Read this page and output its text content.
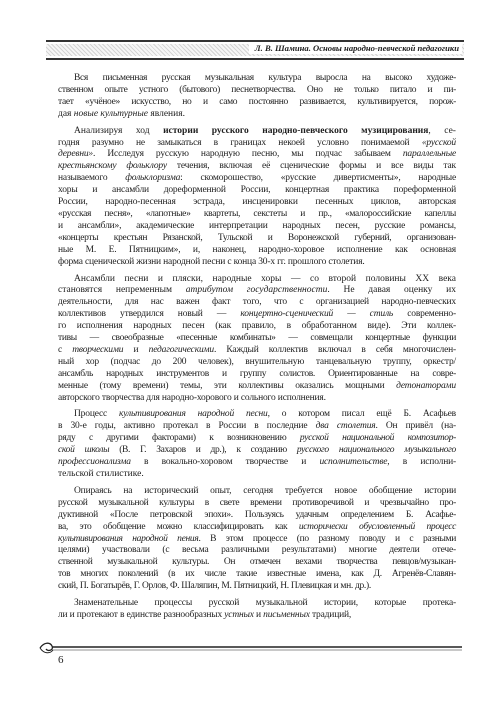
Л. В. Шамина. Основы народно-певческой педагогики

Вся письменная русская музыкальная культура выросла на высоко художе- ственном опыте устного (бытового) песнетворчества. Оно не только питало и пи- тает «учёное» искусство, но и само постоянно развивается, культивируется, порож- дая новые культурные явления.

Анализируя ход истории русского народно-певческого музицирования, се- годня разумно не замыкаться в границах некоей условно понимаемой «русской деревни». Исследуя русскую народную песню, мы подчас забываем параллельные крестьянскому фольклору течения, включая её сценические формы и все виды так называемого фольклоризма: скоморошество, «русские дивертисменты», народные хоры и ансамбли дореформенной России, концертная практика пореформенной России, народно-песенная эстрада, инсценировки песенных циклов, авторская «русская песня», «лапотные» квартеты, секстеты и пр., «малороссийские капеллы и ансамбли», академические интерпретации народных песен, русские романсы, «концерты крестьян Рязанской, Тульской и Воронежской губерний, организован- ные М. Е. Пятницким», и, наконец, народно-хоровое исполнение как основная форма сценической жизни народной песни с конца 30-х гг. прошлого столетия.

Ансамбли песни и пляски, народные хоры — со второй половины XX века становятся непременным атрибутом государственности. Не давая оценку их деятельности, для нас важен факт того, что с организацией народно-певческих коллективов утвердился новый — концертно-сценический — стиль современно- го исполнения народных песен (как правило, в обработанном виде). Эти коллек- тивы — своеобразные «песенные комбинаты» — совмещали концертные функции с творческими и педагогическими. Каждый коллектив включал в себя многочислен- ный хор (подчас до 200 человек), внушительную танцевальную труппу, оркестр/ ансамбль народных инструментов и группу солистов. Ориентированные на совре- менные (тому времени) темы, эти коллективы оказались мощными детонаторами авторского творчества для народно-хорового и сольного исполнения.

Процесс культивирования народной песни, о котором писал ещё Б. Асафьев в 30-е годы, активно протекал в России в последние два столетия. Он привёл (на- ряду с другими факторами) к возникновению русской национальной композитор- ской школы (В. Г. Захаров и др.), к созданию русского национального музыкального профессионализма в вокально-хоровом творчестве и исполнительстве, в исполни- тельской стилистике.

Опираясь на исторический опыт, сегодня требуется новое обобщение истории русской музыкальной культуры в свете времени противоречивой и чрезвычайно про- дуктивной «После петровской эпохи». Пользуясь удачным определением Б. Асафье- ва, это обобщение можно классифицировать как исторически обусловленный процесс культивирования народной пения. В этом процессе (по разному поводу и с разными целями) участвовали (с весьма различными результатами) многие деятели отече- ственной музыкальной культуры. Он отмечен вехами творчества певцов/музыкан- тов многих поколений (в их числе такие известные имена, как Д. Агренёв-Славян- ский, П. Богатырёв, Г. Орлов, Ф. Шаляпин, М. Пятницкий, Н. Плевицкая и мн. др.).

Знаменательные процессы русской музыкальной истории, которые протека- ли и протекают в единстве разнообразных устных и письменных традиций,

6
